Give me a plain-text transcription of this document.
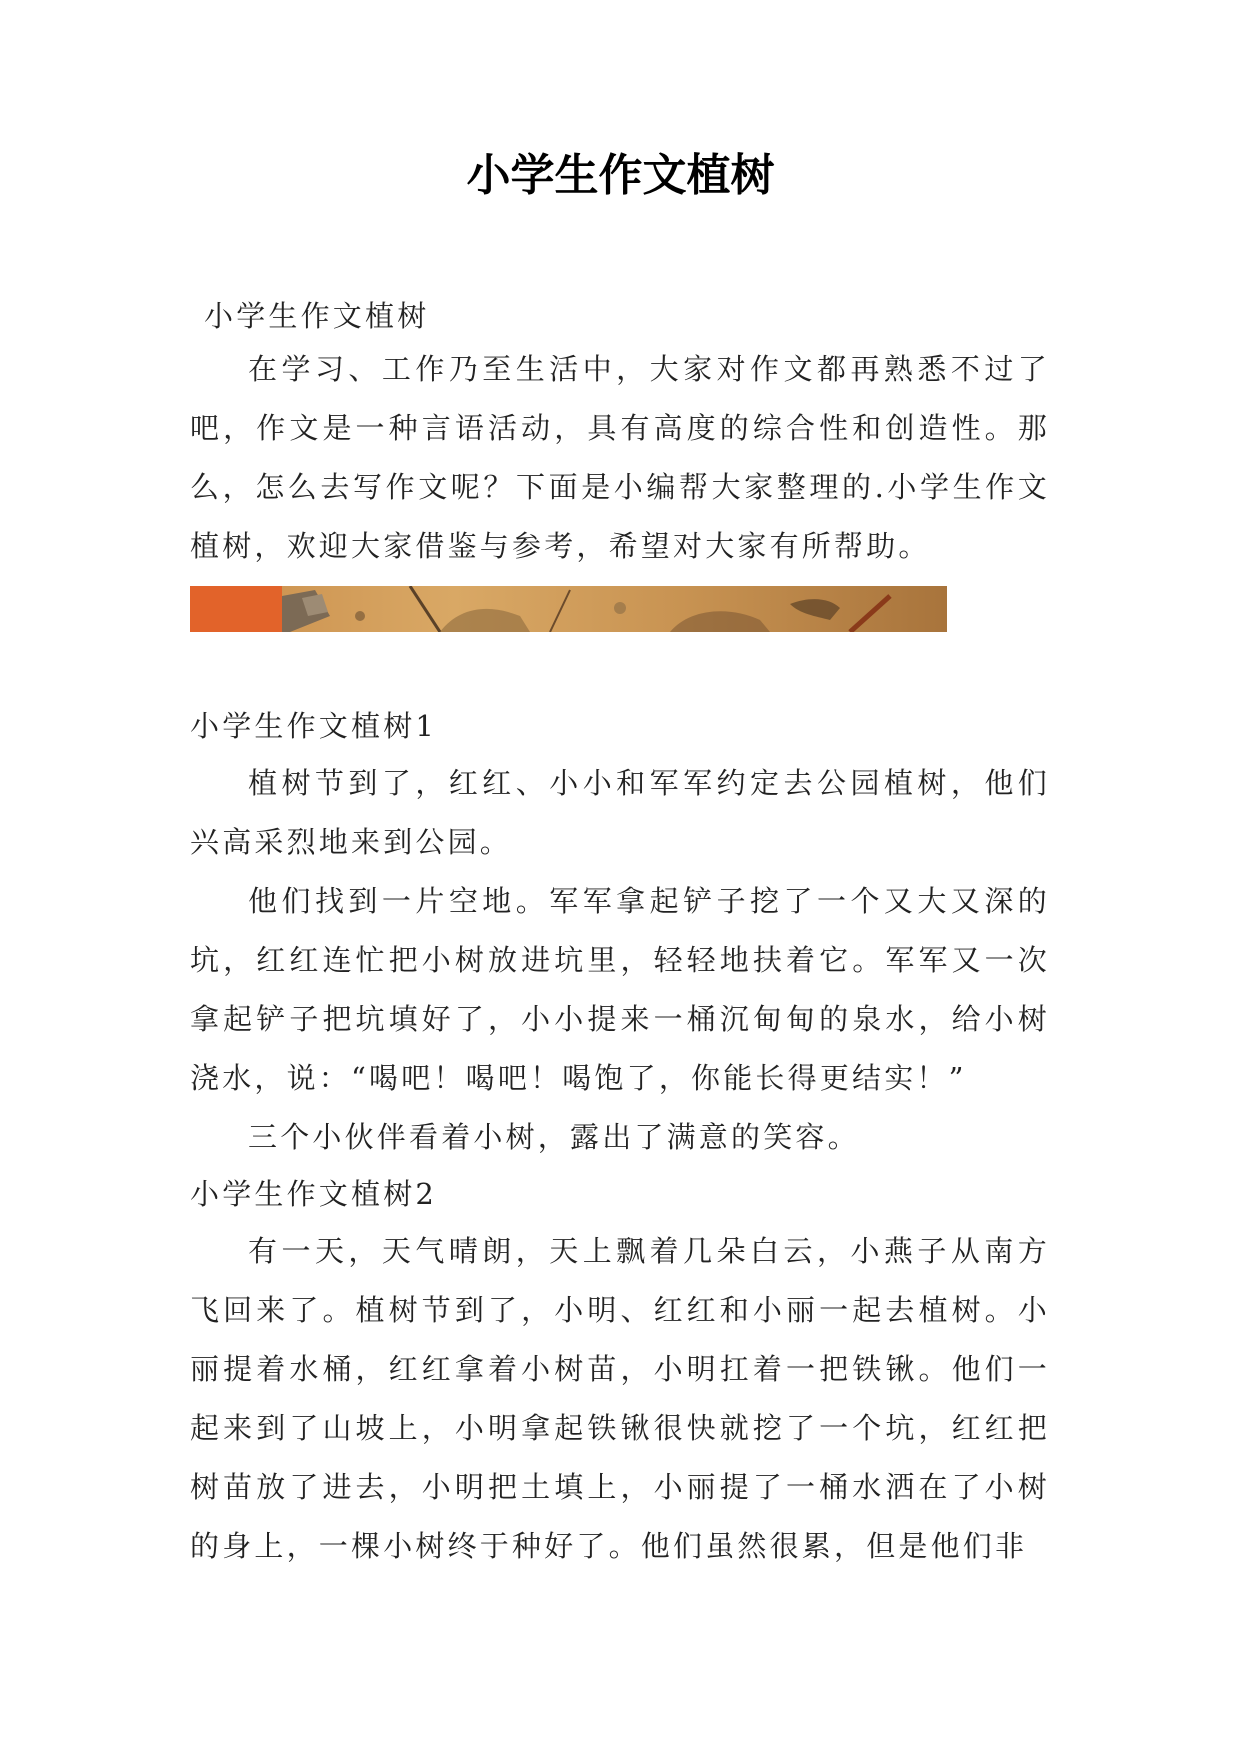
小学生作文植树

小学生作文植树

在学习、工作乃至生活中，大家对作文都再熟悉不过了吧，作文是一种言语活动，具有高度的综合性和创造性。那么，怎么去写作文呢？下面是小编帮大家整理的.小学生作文植树，欢迎大家借鉴与参考，希望对大家有所帮助。

小学生作文植树1

植树节到了，红红、小小和军军约定去公园植树，他们兴高采烈地来到公园。

他们找到一片空地。军军拿起铲子挖了一个又大又深的坑，红红连忙把小树放进坑里，轻轻地扶着它。军军又一次拿起铲子把坑填好了，小小提来一桶沉甸甸的泉水，给小树浇水，说：“喝吧！喝吧！喝饱了，你能长得更结实！”

三个小伙伴看着小树，露出了满意的笑容。

小学生作文植树2

有一天，天气晴朗，天上飘着几朵白云，小燕子从南方飞回来了。植树节到了，小明、红红和小丽一起去植树。小丽提着水桶，红红拿着小树苗，小明扛着一把铁锹。他们一起来到了山坡上，小明拿起铁锹很快就挖了一个坑，红红把树苗放了进去，小明把土填上，小丽提了一桶水洒在了小树的身上，一棵小树终于种好了。他们虽然很累，但是他们非
